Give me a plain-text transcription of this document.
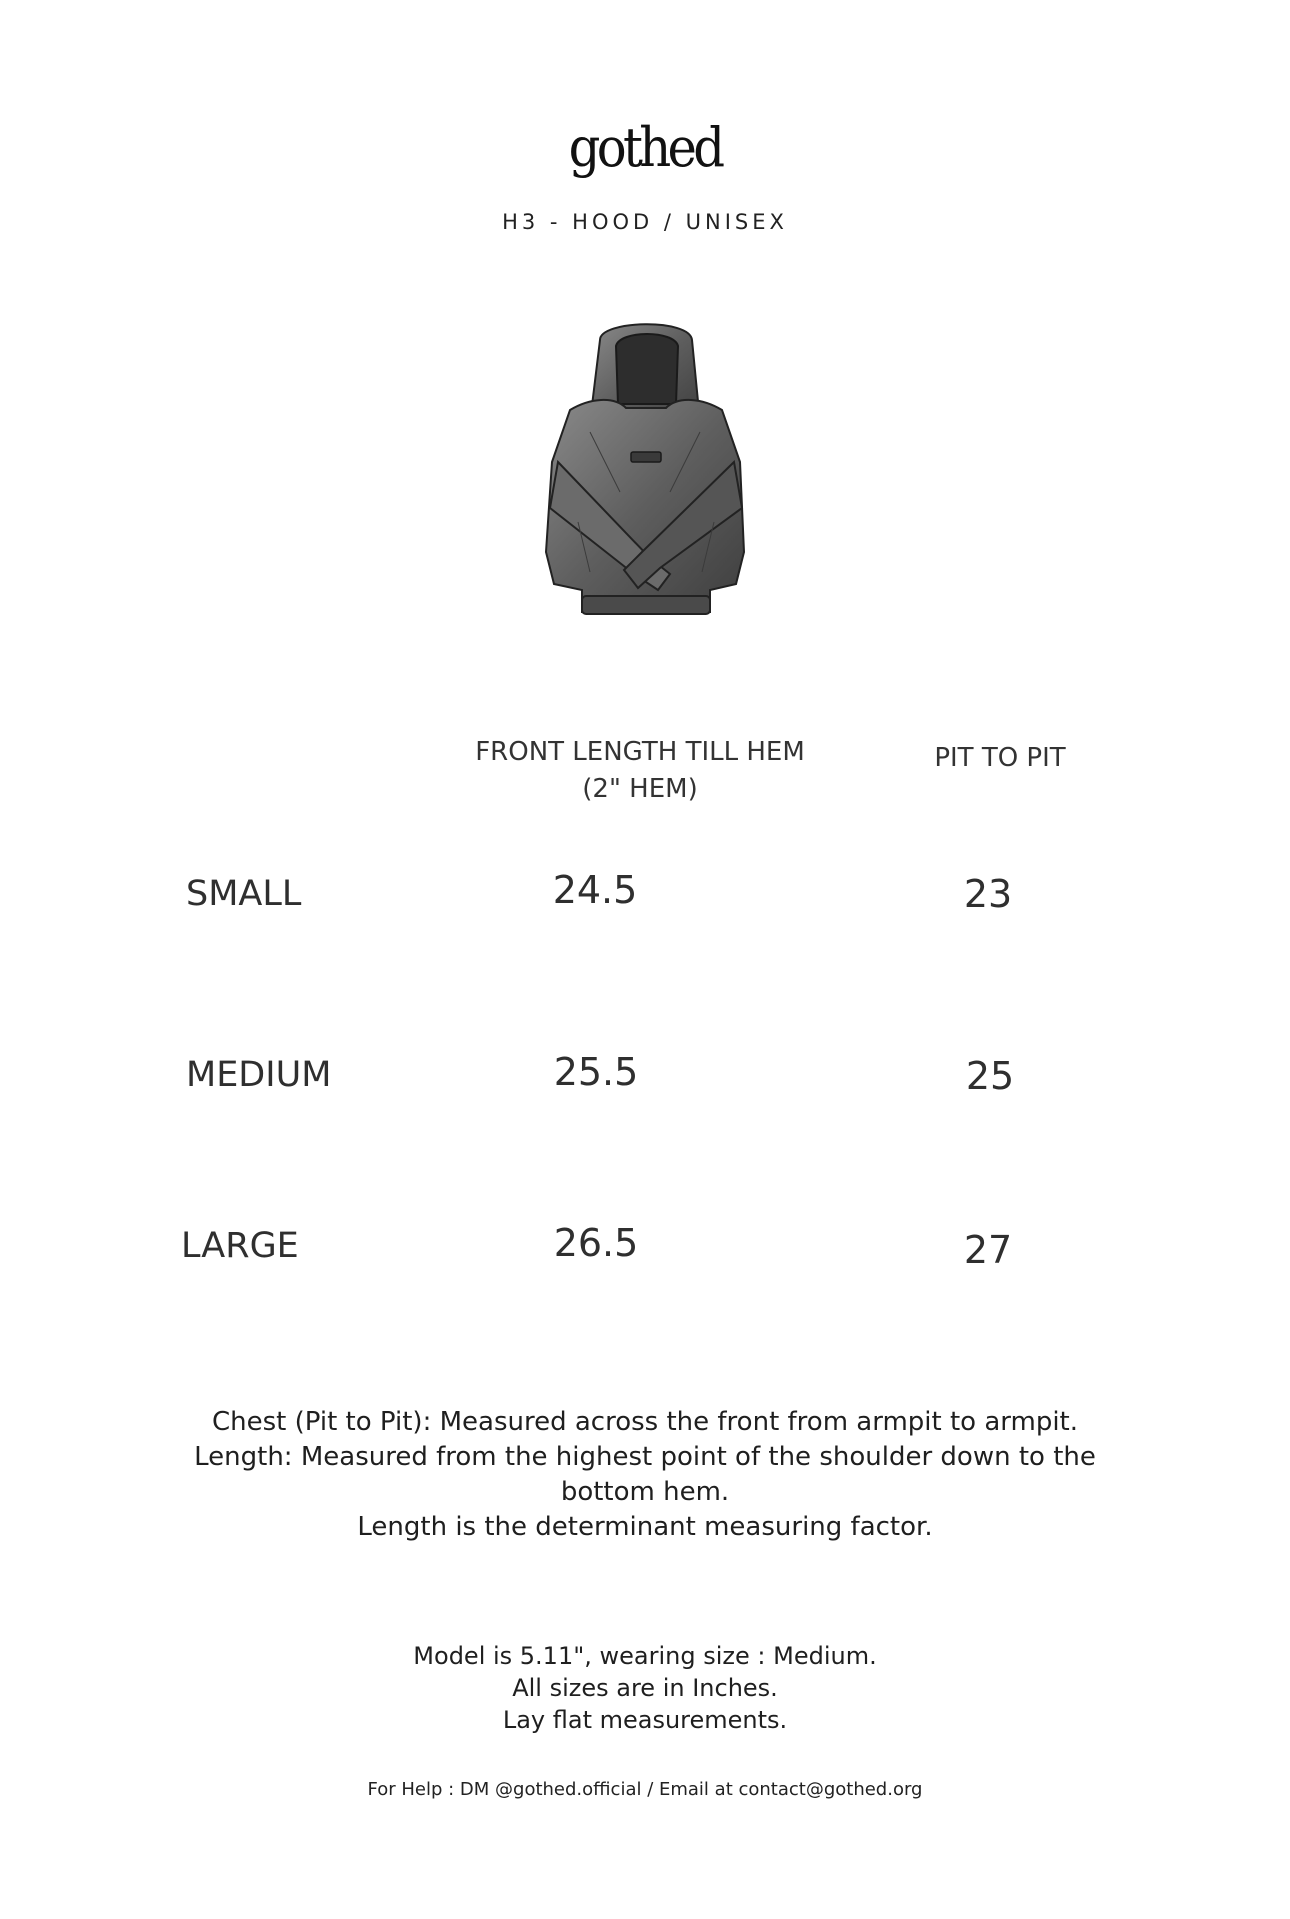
gothed
H3 - HOOD / UNISEX
FRONT LENGTH TILL HEM
(2" HEM)
PIT TO PIT
SMALL	24.5	23
MEDIUM	25.5	25
LARGE	26.5	27

Chest (Pit to Pit): Measured across the front from armpit to armpit.

Length: Measured from the highest point of the shoulder down to the

bottom hem.

Length is the determinant measuring factor.

Model is 5.11", wearing size : Medium.

All sizes are in Inches.

Lay flat measurements.

For Help : DM @gothed.official / Email at contact@gothed.org
